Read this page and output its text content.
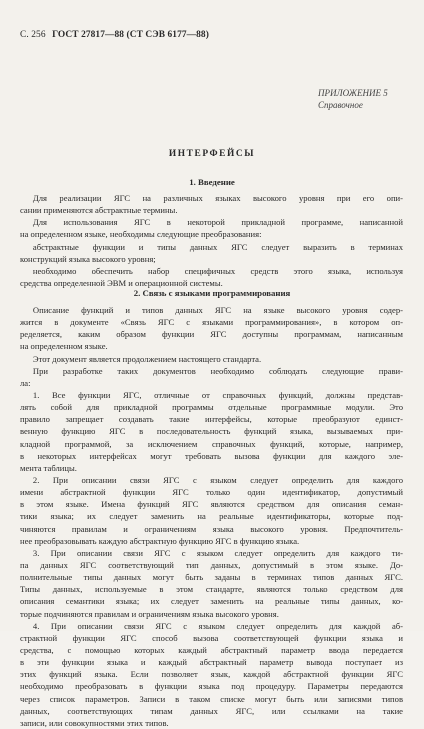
С. 256 ГОСТ 27817—88 (СТ СЭВ 6177—88)
ПРИЛОЖЕНИЕ 5
Справочное
ИНТЕРФЕЙСЫ
1. Введение
  Для реализации ЯГС на различных языках высокого уровня при его опи-
сании применяются абстрактные термины.
  Для использования ЯГС в некоторой прикладной программе, написанной
на определенном языке, необходимы следующие преобразования:
  абстрактные функции и типы данных ЯГС следует выразить в терминах
конструкций языка высокого уровня;
  необходимо обеспечить набор специфичных средств этого языка, используя
средства определенной ЭВМ и операционной системы.
2. Связь с языками программирования
  Описание функций и типов данных ЯГС на языке высокого уровня содер-
жится в документе «Связь ЯГС с языками программирования», в котором оп-
ределяется, каким образом функции ЯГС доступны программам, написанным
на определенном языке.
  Этот документ является продолжением настоящего стандарта.
  При разработке таких документов необходимо соблюдать следующие прави-
ла:
  1. Все функции ЯГС, отличные от справочных функций, должны представ-
лять собой для прикладной программы отдельные программные модули. Это
правило запрещает создавать такие интерфейсы, которые преобразуют единст-
венную функцию ЯГС в последовательность функций языка, вызываемых при-
кладной программой, за исключением справочных функций, которые, например,
в некоторых интерфейсах могут требовать вызова функции для каждого эле-
мента таблицы.
  2. При описании связи ЯГС с языком следует определить для каждого
имени абстрактной функции ЯГС только один идентификатор, допустимый
в этом языке. Имена функций ЯГС являются средством для описания семан-
тики языка; их следует заменить на реальные идентификаторы, которые под-
чиняются правилам и ограничениям языка высокого уровня. Предпочтитель-
нее преобразовывать каждую абстрактную функцию ЯГС в функцию языка.
  3. При описании связи ЯГС с языком следует определить для каждого ти-
па данных ЯГС соответствующий тип данных, допустимый в этом языке. До-
полнительные типы данных могут быть заданы в терминах типов данных ЯГС.
Типы данных, используемые в этом стандарте, являются только средством для
описания семантики языка; их следует заменить на реальные типы данных, ко-
торые подчиняются правилам и ограничениям языка высокого уровня.
  4. При описании связи ЯГС с языком следует определить для каждой аб-
страктной функции ЯГС способ вызова соответствующей функции языка и
средства, с помощью которых каждый абстрактный параметр ввода передается
в эти функции языка и каждый абстрактный параметр вывода поступает из
этих функций языка. Если позволяет язык, каждой абстрактной функции ЯГС
необходимо преобразовать в функции языка под процедуру. Параметры передаются
через список параметров. Записи в таком списке могут быть или записями типов
данных, соответствующих типам данных ЯГС, или ссылками на такие
записи, или совокупностями этих типов.
